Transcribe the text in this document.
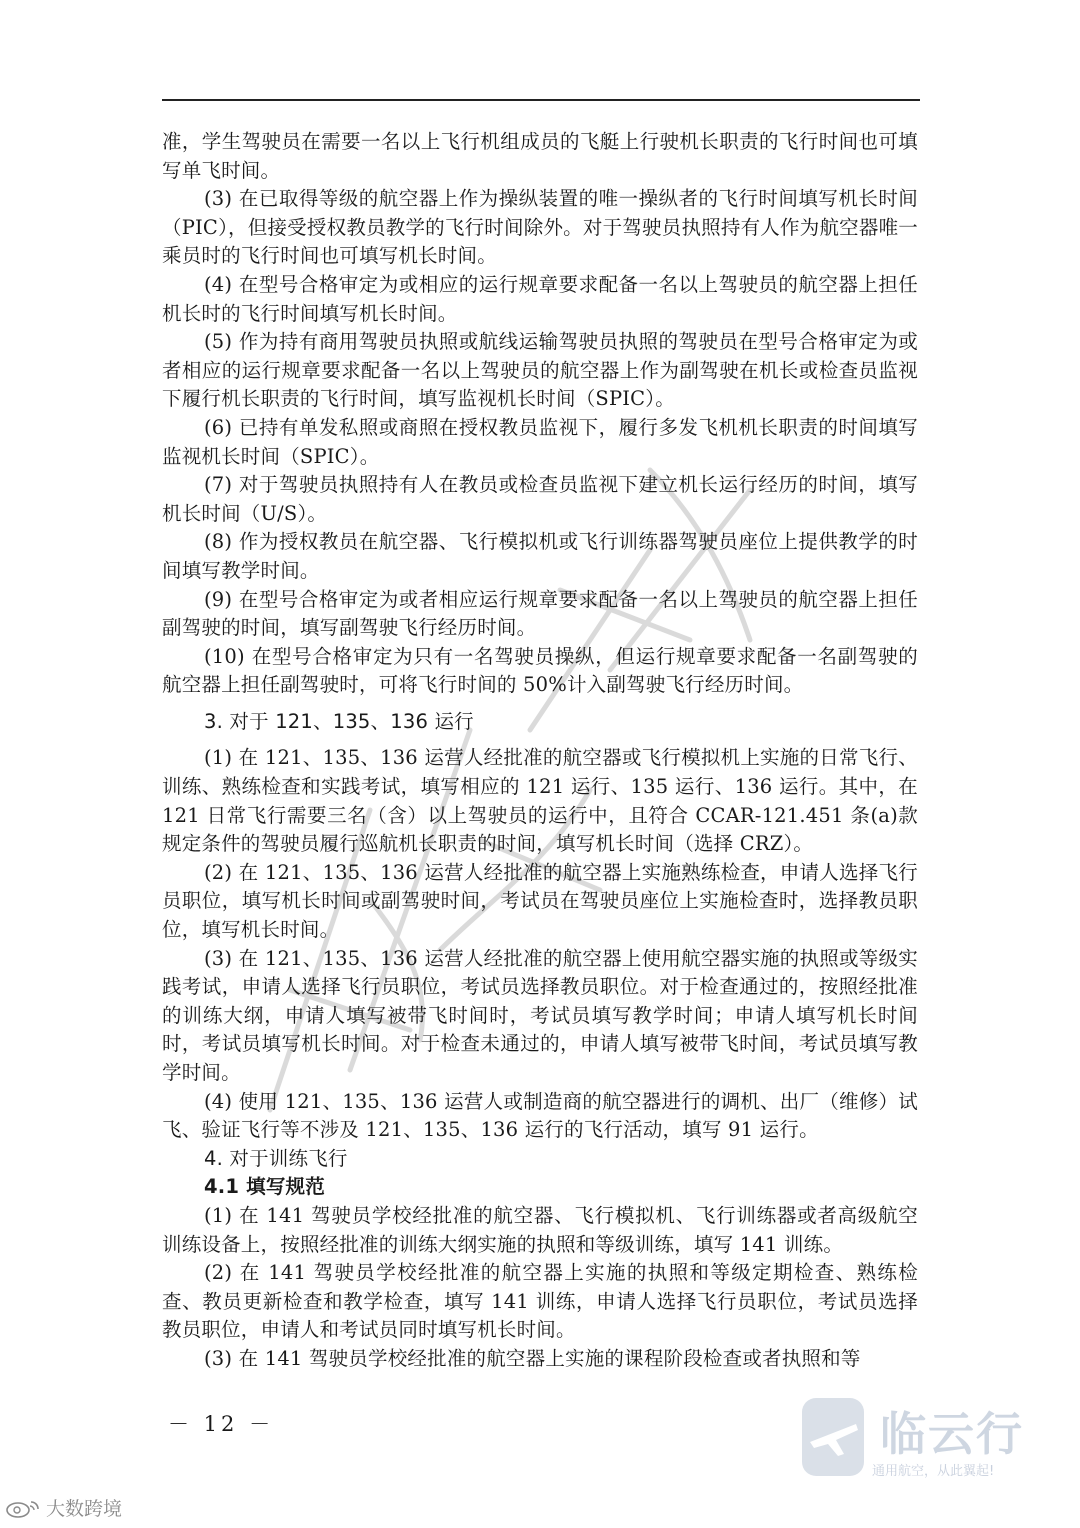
准，学生驾驶员在需要一名以上飞行机组成员的飞艇上行驶机长职责的飞行时间也可填写单飞时间。

(3) 在已取得等级的航空器上作为操纵装置的唯一操纵者的飞行时间填写机长时间（PIC），但接受授权教员教学的飞行时间除外。对于驾驶员执照持有人作为航空器唯一乘员时的飞行时间也可填写机长时间。

(4) 在型号合格审定为或相应的运行规章要求配备一名以上驾驶员的航空器上担任机长时的飞行时间填写机长时间。

(5) 作为持有商用驾驶员执照或航线运输驾驶员执照的驾驶员在型号合格审定为或者相应的运行规章要求配备一名以上驾驶员的航空器上作为副驾驶在机长或检查员监视下履行机长职责的飞行时间，填写监视机长时间（SPIC）。

(6) 已持有单发私照或商照在授权教员监视下，履行多发飞机机长职责的时间填写监视机长时间（SPIC）。

(7) 对于驾驶员执照持有人在教员或检查员监视下建立机长运行经历的时间，填写机长时间（U/S）。

(8) 作为授权教员在航空器、飞行模拟机或飞行训练器驾驶员座位上提供教学的时间填写教学时间。

(9) 在型号合格审定为或者相应运行规章要求配备一名以上驾驶员的航空器上担任副驾驶的时间，填写副驾驶飞行经历时间。

(10) 在型号合格审定为只有一名驾驶员操纵，但运行规章要求配备一名副驾驶的航空器上担任副驾驶时，可将飞行时间的 50%计入副驾驶飞行经历时间。

3. 对于 121、135、136 运行

(1) 在 121、135、136 运营人经批准的航空器或飞行模拟机上实施的日常飞行、训练、熟练检查和实践考试，填写相应的 121 运行、135 运行、136 运行。其中，在 121 日常飞行需要三名（含）以上驾驶员的运行中，且符合 CCAR-121.451 条(a)款规定条件的驾驶员履行巡航机长职责的时间，填写机长时间（选择 CRZ）。

(2) 在 121、135、136 运营人经批准的航空器上实施熟练检查，申请人选择飞行员职位，填写机长时间或副驾驶时间，考试员在驾驶员座位上实施检查时，选择教员职位，填写机长时间。

(3) 在 121、135、136 运营人经批准的航空器上使用航空器实施的执照或等级实践考试，申请人选择飞行员职位，考试员选择教员职位。对于检查通过的，按照经批准的训练大纲，申请人填写被带飞时间时，考试员填写教学时间；申请人填写机长时间时，考试员填写机长时间。对于检查未通过的，申请人填写被带飞时间，考试员填写教学时间。

(4) 使用 121、135、136 运营人或制造商的航空器进行的调机、出厂（维修）试飞、验证飞行等不涉及 121、135、136 运行的飞行活动，填写 91 运行。

4. 对于训练飞行

4.1 填写规范

(1) 在 141 驾驶员学校经批准的航空器、飞行模拟机、飞行训练器或者高级航空训练设备上，按照经批准的训练大纲实施的执照和等级训练，填写 141 训练。

(2) 在 141 驾驶员学校经批准的航空器上实施的执照和等级定期检查、熟练检查、教员更新检查和教学检查，填写 141 训练，申请人选择飞行员职位，考试员选择教员职位，申请人和考试员同时填写机长时间。

(3) 在 141 驾驶员学校经批准的航空器上实施的课程阶段检查或者执照和等

－ 12 －	临云行
通用航空，从此翼起!
大数跨境
